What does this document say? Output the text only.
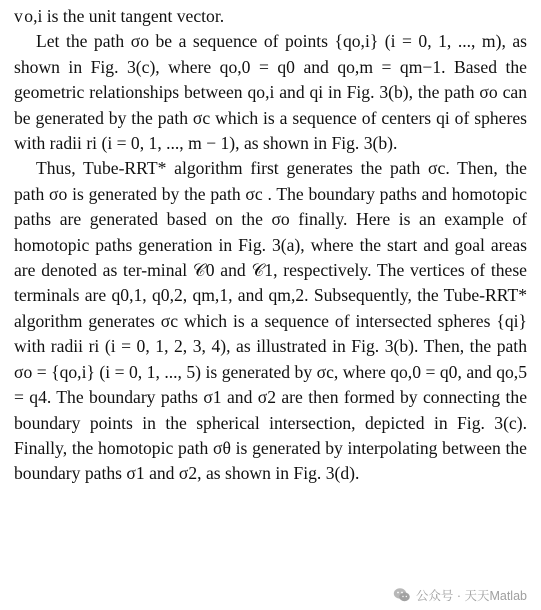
v o,i is the unit tangent vector.

Let the path σo be a sequence of points {qo,i} (i = 0, 1, ..., m), as shown in Fig. 3(c), where qo,0 = q0 and qo,m = qm−1. Based the geometric relationships between qo,i and qi in Fig. 3(b), the path σo can be generated by the path σc which is a sequence of centers qi of spheres with radii ri (i = 0, 1, ..., m − 1), as shown in Fig. 3(b).

Thus, Tube-RRT* algorithm first generates the path σc. Then, the path σo is generated by the path σc . The boundary paths and homotopic paths are generated based on the σo finally. Here is an example of homotopic paths generation in Fig. 3(a), where the start and goal areas are denoted as ter-minal 𝒞0 and 𝒞1, respectively. The vertices of these terminals are q0,1, q0,2, qm,1, and qm,2. Subsequently, the Tube-RRT* algorithm generates σc which is a sequence of intersected spheres {qi} with radii ri (i = 0, 1, 2, 3, 4), as illustrated in Fig. 3(b). Then, the path σo = {qo,i} (i = 0, 1, ..., 5) is generated by σc, where qo,0 = q0, and qo,5 = q4. The boundary paths σ1 and σ2 are then formed by connecting the boundary points in the spherical intersection, depicted in Fig. 3(c). Finally, the homotopic path σθ is generated by interpolating between the boundary paths σ1 and σ2, as shown in Fig. 3(d).

公众号 · 天天Matlab
